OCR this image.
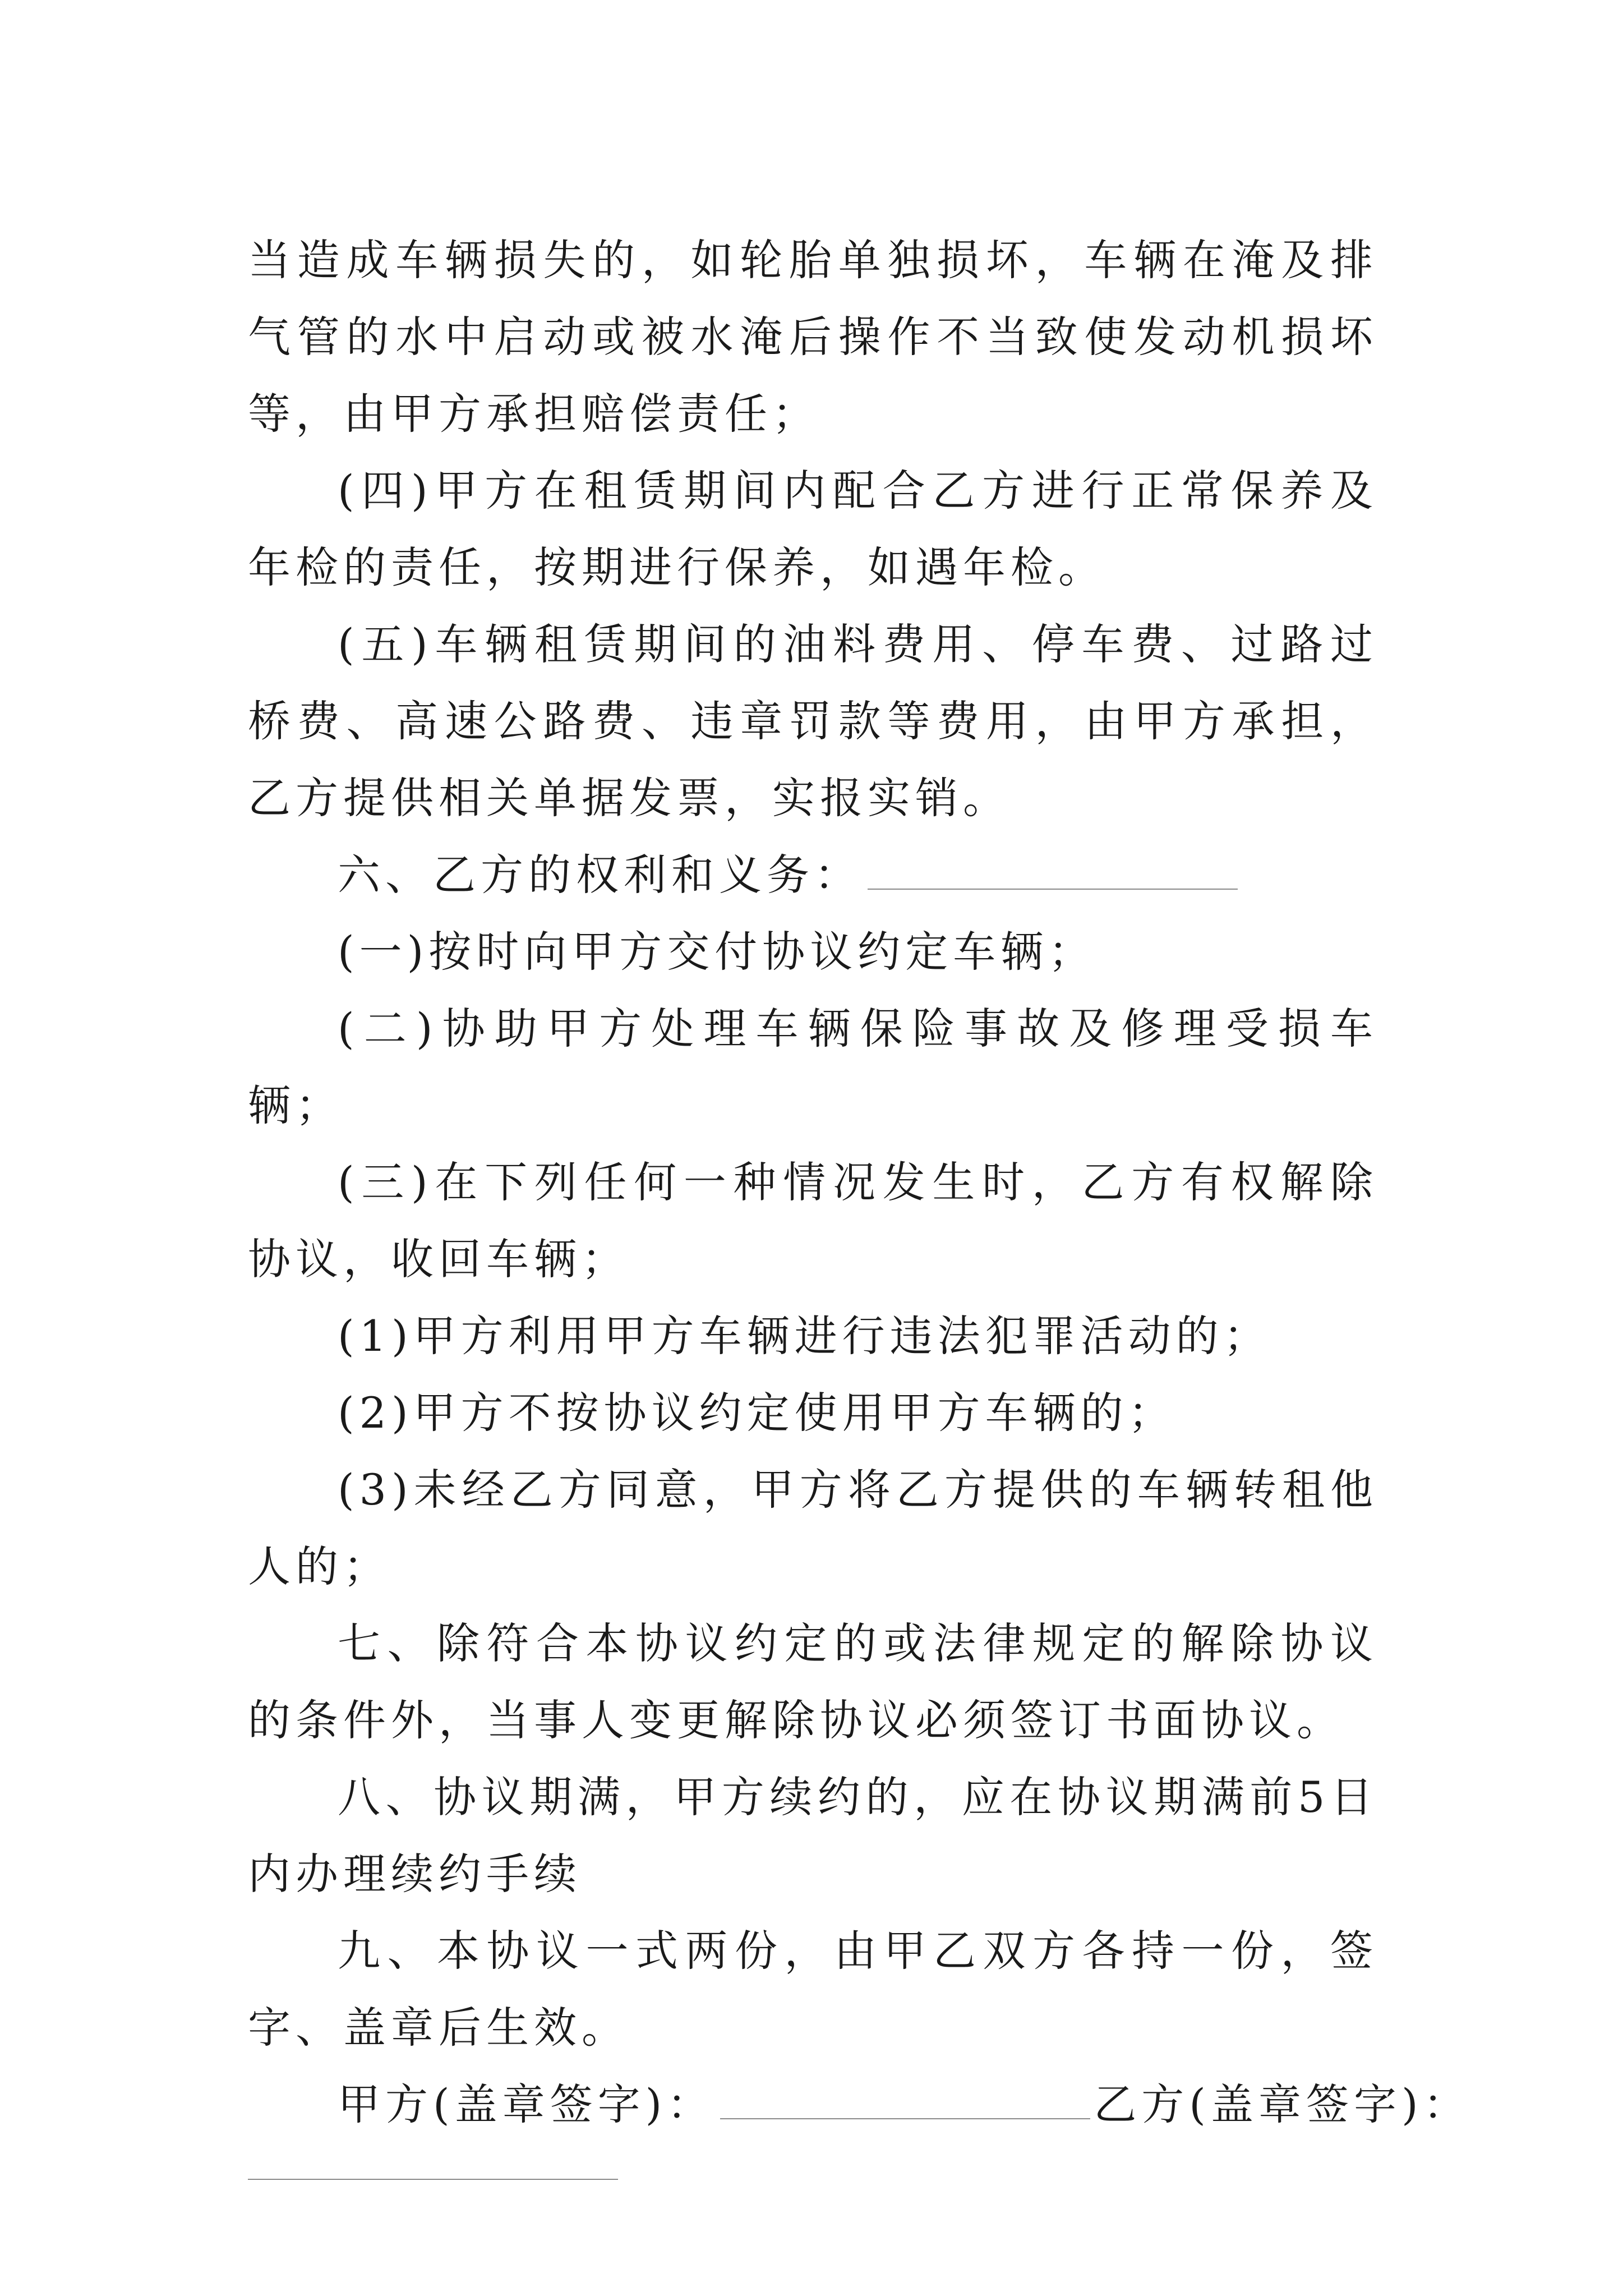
当造成车辆损失的，如轮胎单独损坏，车辆在淹及排气管的水中启动或被水淹后操作不当致使发动机损坏等，由甲方承担赔偿责任；

(四)甲方在租赁期间内配合乙方进行正常保养及年检的责任，按期进行保养，如遇年检。

(五)车辆租赁期间的油料费用、停车费、过路过桥费、高速公路费、违章罚款等费用，由甲方承担，乙方提供相关单据发票，实报实销。

六、乙方的权利和义务：

(一)按时向甲方交付协议约定车辆；

(二)协助甲方处理车辆保险事故及修理受损车辆；

(三)在下列任何一种情况发生时，乙方有权解除协议，收回车辆；

(1)甲方利用甲方车辆进行违法犯罪活动的；

(2)甲方不按协议约定使用甲方车辆的；

(3)未经乙方同意，甲方将乙方提供的车辆转租他人的；

七、除符合本协议约定的或法律规定的解除协议的条件外，当事人变更解除协议必须签订书面协议。

八、协议期满，甲方续约的，应在协议期满前5日内办理续约手续

九、本协议一式两份，由甲乙双方各持一份，签字、盖章后生效。

甲方(盖章签字)：	乙方(盖章签字)：
